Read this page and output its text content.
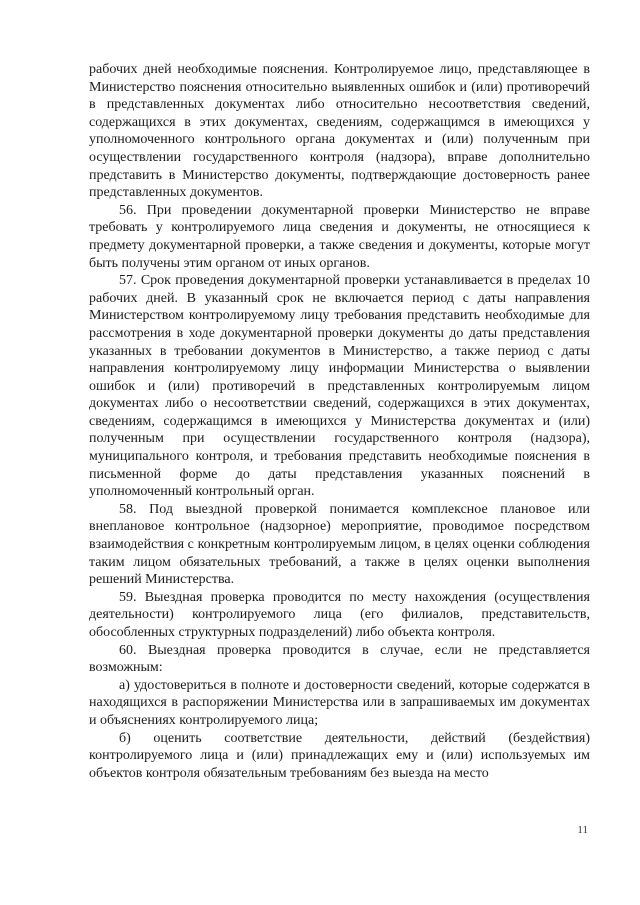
рабочих дней необходимые пояснения. Контролируемое лицо, представляющее в Министерство пояснения относительно выявленных ошибок и (или) противоречий в представленных документах либо относительно несоответствия сведений, содержащихся в этих документах, сведениям, содержащимся в имеющихся у уполномоченного контрольного органа документах и (или) полученным при осуществлении государственного контроля (надзора), вправе дополнительно представить в Министерство документы, подтверждающие достоверность ранее представленных документов.

56. При проведении документарной проверки Министерство не вправе требовать у контролируемого лица сведения и документы, не относящиеся к предмету документарной проверки, а также сведения и документы, которые могут быть получены этим органом от иных органов.

57. Срок проведения документарной проверки устанавливается в пределах 10 рабочих дней. В указанный срок не включается период с даты направления Министерством контролируемому лицу требования представить необходимые для рассмотрения в ходе документарной проверки документы до даты представления указанных в требовании документов в Министерство, а также период с даты направления контролируемому лицу информации Министерства о выявлении ошибок и (или) противоречий в представленных контролируемым лицом документах либо о несоответствии сведений, содержащихся в этих документах, сведениям, содержащимся в имеющихся у Министерства документах и (или) полученным при осуществлении государственного контроля (надзора), муниципального контроля, и требования представить необходимые пояснения в письменной форме до даты представления указанных пояснений в уполномоченный контрольный орган.

58. Под выездной проверкой понимается комплексное плановое или внеплановое контрольное (надзорное) мероприятие, проводимое посредством взаимодействия с конкретным контролируемым лицом, в целях оценки соблюдения таким лицом обязательных требований, а также в целях оценки выполнения решений Министерства.

59. Выездная проверка проводится по месту нахождения (осуществления деятельности) контролируемого лица (его филиалов, представительств, обособленных структурных подразделений) либо объекта контроля.

60. Выездная проверка проводится в случае, если не представляется возможным:

а) удостовериться в полноте и достоверности сведений, которые содержатся в находящихся в распоряжении Министерства или в запрашиваемых им документах и объяснениях контролируемого лица;

б) оценить соответствие деятельности, действий (бездействия) контролируемого лица и (или) принадлежащих ему и (или) используемых им объектов контроля обязательным требованиям без выезда на место

11
